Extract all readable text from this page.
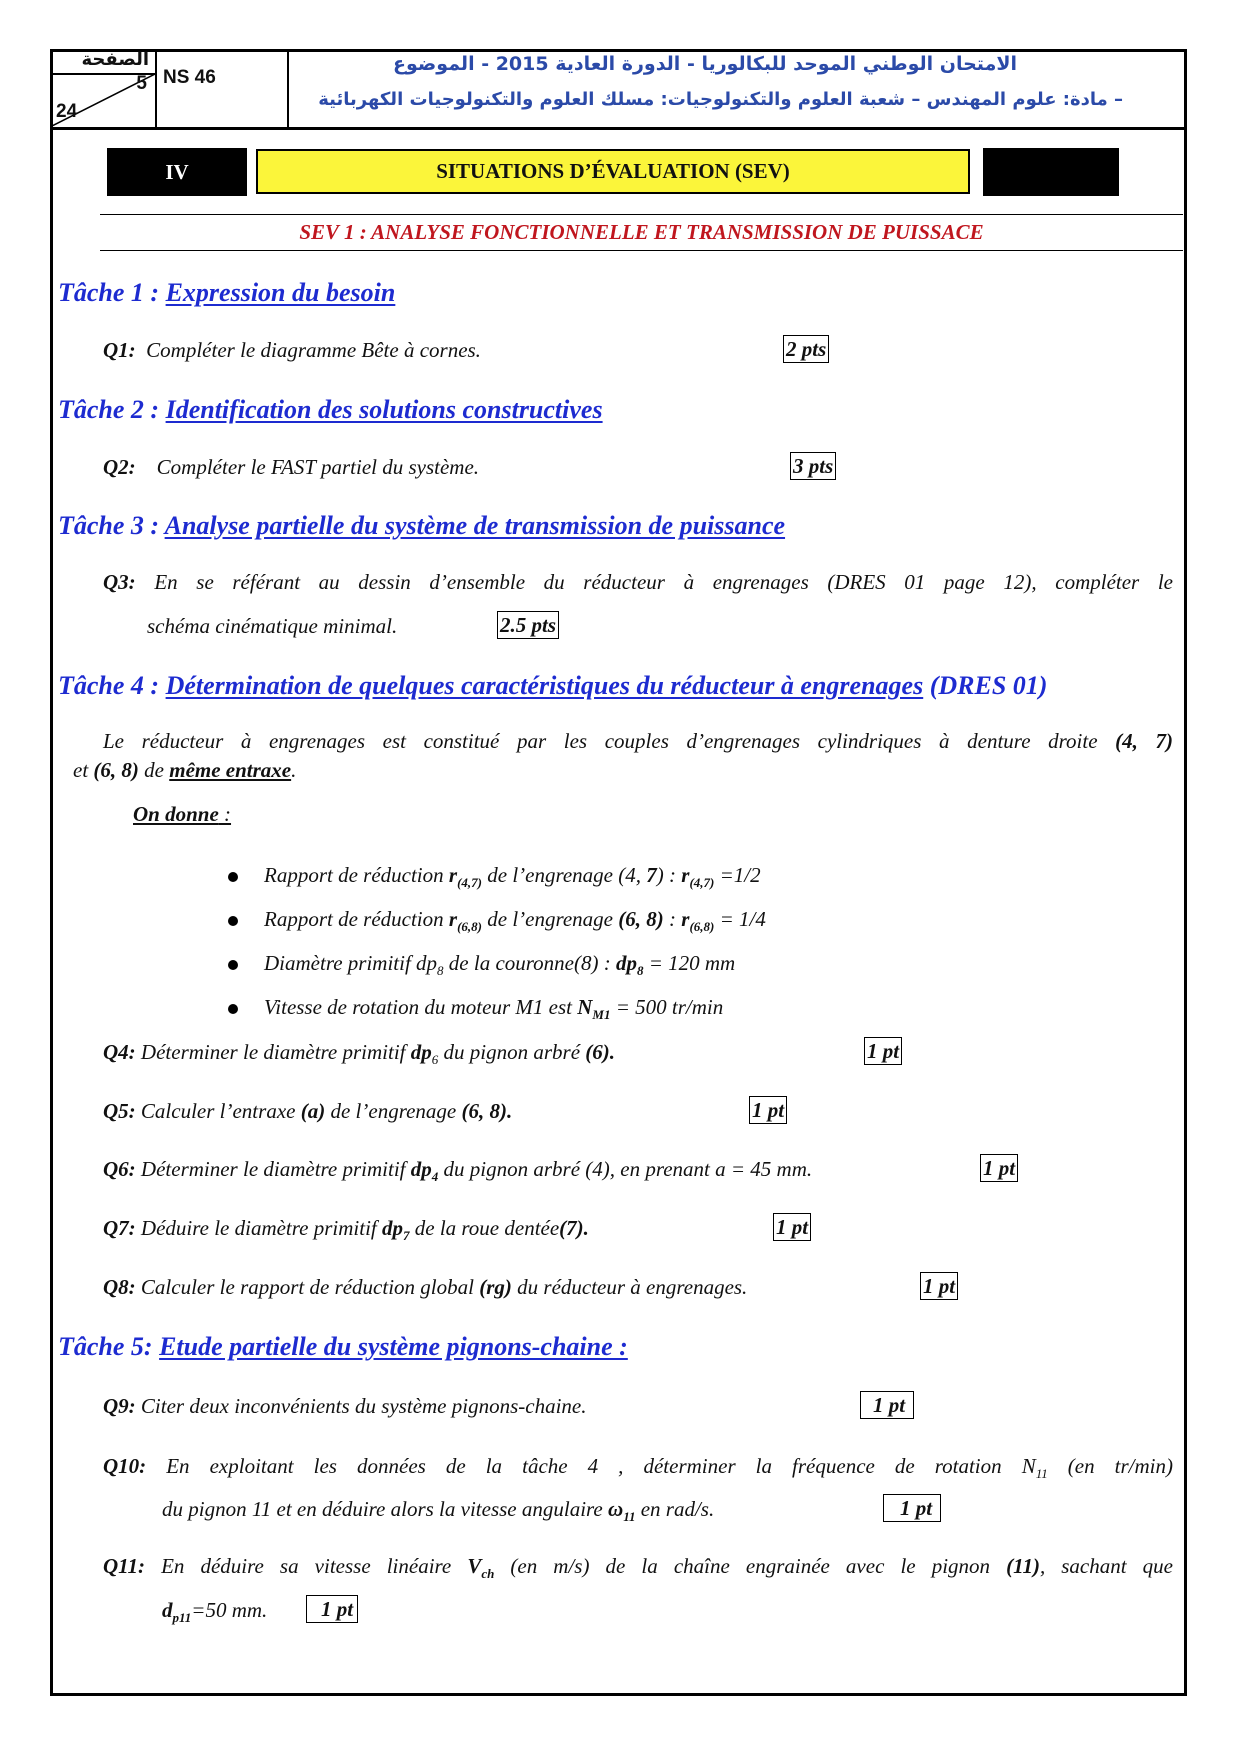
الصفحة
5
24
NS 46
الامتحان الوطني الموحد للبكالوريا - الدورة العادية 2015 - الموضوع
– مادة: علوم المهندس – شعبة العلوم والتكنولوجيات: مسلك العلوم والتكنولوجيات الكهربائية
IV	SITUATIONS D’ÉVALUATION (SEV)
SEV 1 : ANALYSE FONCTIONNELLE ET TRANSMISSION DE PUISSACE
Tâche 1 : Expression du besoin
Q1: Compléter le diagramme Bête à cornes.	2 pts
Tâche 2 : Identification des solutions constructives
Q2: Compléter le FAST partiel du système.	3 pts
Tâche 3 : Analyse partielle du système de transmission de puissance
Q3: En se référant au dessin d’ensemble du réducteur à engrenages (DRES 01 page 12), compléter le
schéma cinématique minimal.	2.5 pts
Tâche 4 : Détermination de quelques caractéristiques du réducteur à engrenages (DRES 01)
Le réducteur à engrenages est constitué par les couples d’engrenages cylindriques à denture droite (4, 7)
et (6, 8) de même entraxe.
On donne :
Rapport de réduction $r_{(4,7)}$ de l’engrenage (4, 7) : $r_{(4,7)} =1/2$
Rapport de réduction $r_{(6,8)}$ de l’engrenage (6, 8) : $r_{(6,8)} = 1/4$
Diamètre primitif $dp_8$ de la couronne(8) : $dp_8 = 120$ mm
Vitesse de rotation du moteur M1 est $N_{M1} = 500$ tr/min
Q4: Déterminer le diamètre primitif $dp_6$ du pignon arbré (6).	1 pt
Q5: Calculer l’entraxe (a) de l’engrenage (6, 8).	1 pt
Q6: Déterminer le diamètre primitif $dp_4$ du pignon arbré (4), en prenant a = 45 mm.	1 pt
Q7: Déduire le diamètre primitif $dp_7$ de la roue dentée(7).	1 pt
Q8: Calculer le rapport de réduction global (rg) du réducteur à engrenages.	1 pt
Tâche 5: Etude partielle du système pignons-chaine :
Q9: Citer deux inconvénients du système pignons-chaine.	1 pt
Q10: En exploitant les données de la tâche 4 , déterminer la fréquence de rotation $N_{11}$ (en tr/min)
du pignon 11 et en déduire alors la vitesse angulaire $\omega_{11}$ en rad/s.	1 pt
Q11: En déduire sa vitesse linéaire $V_{ch}$ (en m/s) de la chaîne engrainée avec le pignon (11), sachant que
$d_{p11}=50$ mm.	1 pt
